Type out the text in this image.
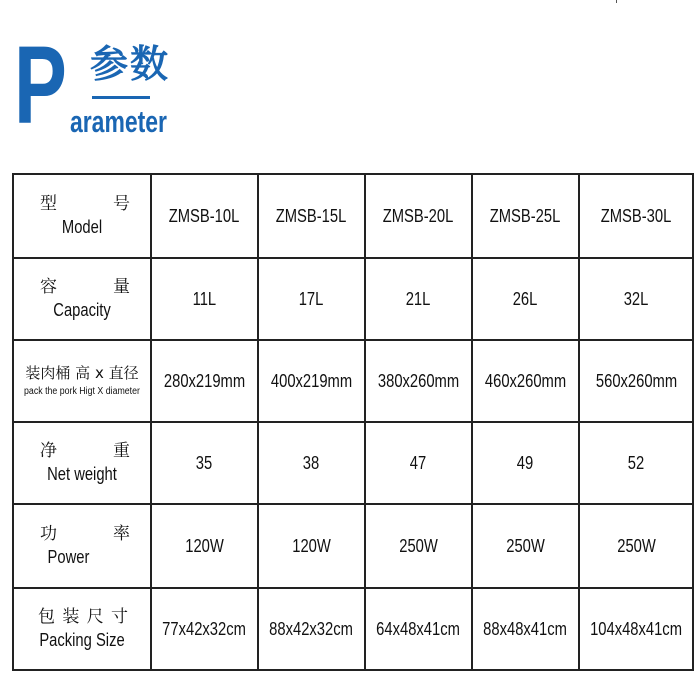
P 参数
arameter
型 号
Model	ZMSB-10L	ZMSB-15L	ZMSB-20L	ZMSB-25L	ZMSB-30L

容 量
Capacity	11L	17L	21L	26L	32L

装肉桶 高 x 直径
pack the pork Higt X diameter	280x219mm	400x219mm	380x260mm	460x260mm	560x260mm

净 重
Net weight	35	38	47	49	52

功 率
Power	120W	120W	250W	250W	250W

包 装 尺 寸
Packing Size	77x42x32cm	88x42x32cm	64x48x41cm	88x48x41cm	104x48x41cm
